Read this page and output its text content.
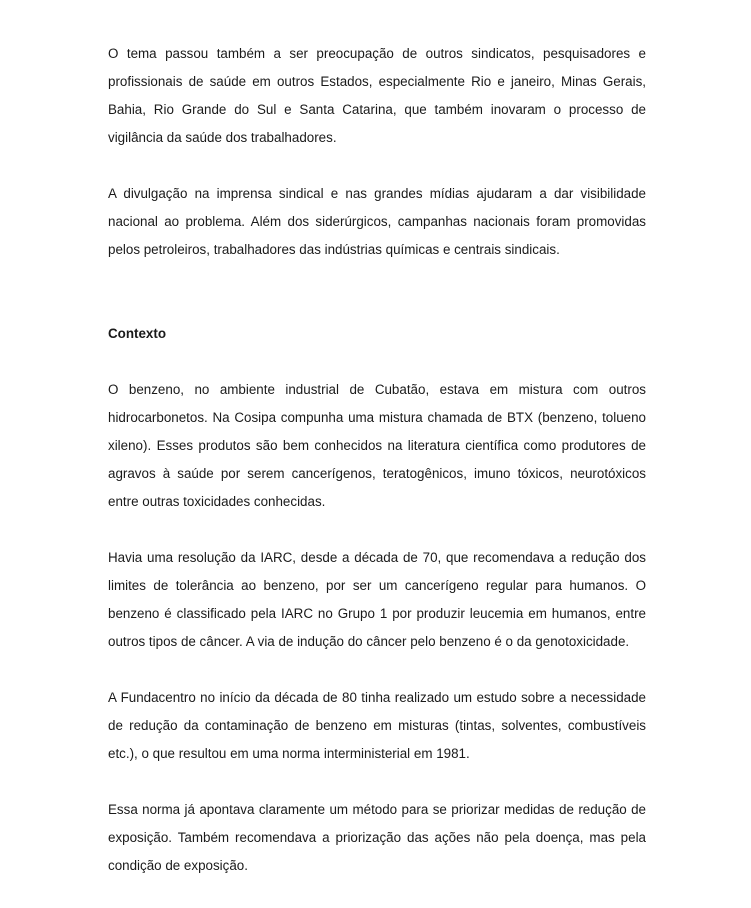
O tema passou também a ser preocupação de outros sindicatos, pesquisadores e profissionais de saúde em outros Estados, especialmente Rio e janeiro, Minas Gerais, Bahia, Rio Grande do Sul e Santa Catarina, que também inovaram o processo de vigilância da saúde dos trabalhadores.

A divulgação na imprensa sindical e nas grandes mídias ajudaram a dar visibilidade nacional ao problema. Além dos siderúrgicos, campanhas nacionais foram promovidas pelos petroleiros, trabalhadores das indústrias químicas e centrais sindicais.

Contexto

O benzeno, no ambiente industrial de Cubatão, estava em mistura com outros hidrocarbonetos. Na Cosipa compunha uma mistura chamada de BTX (benzeno, tolueno xileno). Esses produtos são bem conhecidos na literatura científica como produtores de agravos à saúde por serem cancerígenos, teratogênicos, imuno tóxicos, neurotóxicos entre outras toxicidades conhecidas.

Havia uma resolução da IARC, desde a década de 70, que recomendava a redução dos limites de tolerância ao benzeno, por ser um cancerígeno regular para humanos. O benzeno é classificado pela IARC no Grupo 1 por produzir leucemia em humanos, entre outros tipos de câncer. A via de indução do câncer pelo benzeno é o da genotoxicidade.

A Fundacentro no início da década de 80 tinha realizado um estudo sobre a necessidade de redução da contaminação de benzeno em misturas (tintas, solventes, combustíveis etc.), o que resultou em uma norma interministerial em 1981.

Essa norma já apontava claramente um método para se priorizar medidas de redução de exposição. Também recomendava a priorização das ações não pela doença, mas pela condição de exposição.
